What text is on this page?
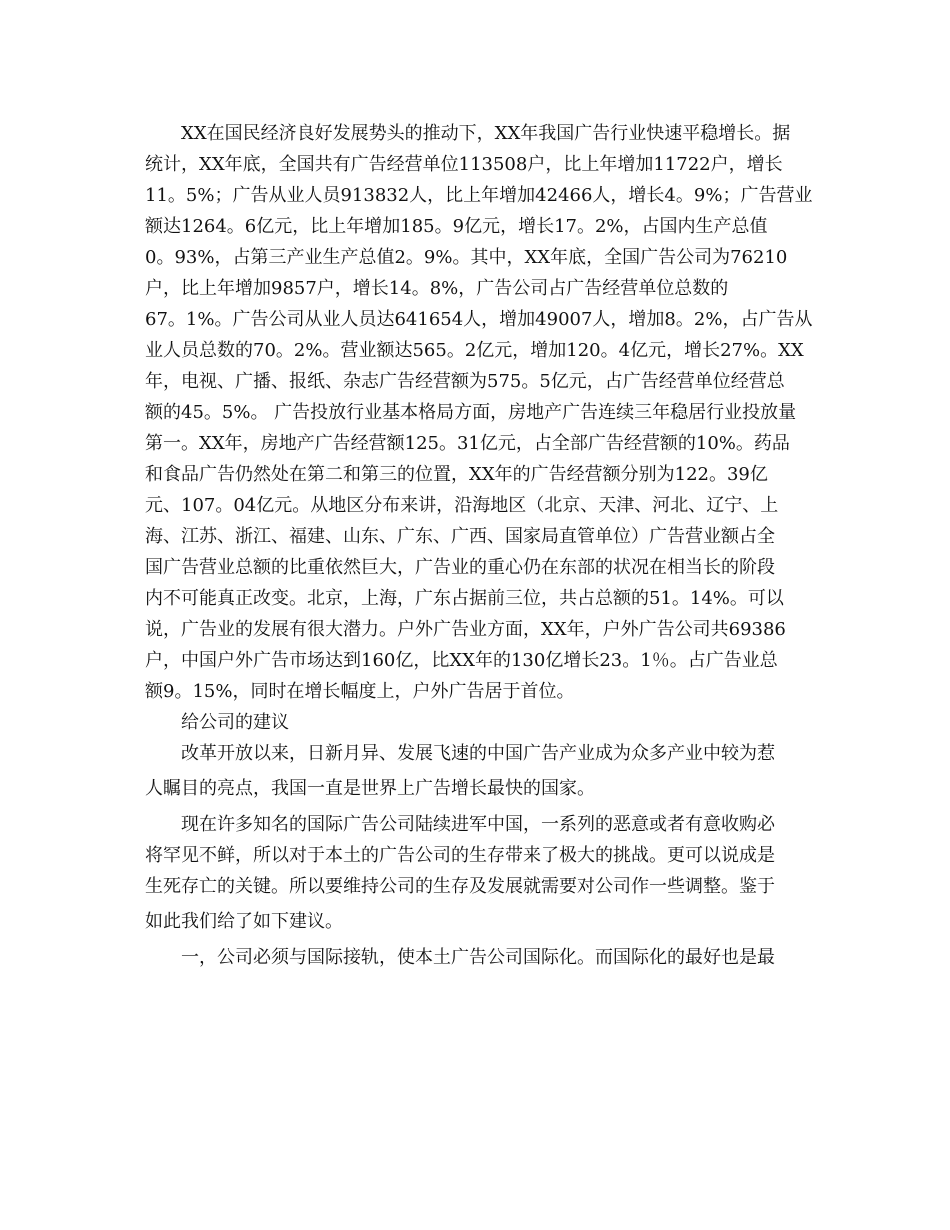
XX在国民经济良好发展势头的推动下，XX年我国广告行业快速平稳增长。据
统计，XX年底，全国共有广告经营单位113508户，比上年增加11722户，增长
11。5%；广告从业人员913832人，比上年增加42466人，增长4。9%；广告营业
额达1264。6亿元，比上年增加185。9亿元，增长17。2%，占国内生产总值
0。93%，占第三产业生产总值2。9%。其中，XX年底，全国广告公司为76210
户，比上年增加9857户，增长14。8%，广告公司占广告经营单位总数的
67。1%。广告公司从业人员达641654人，增加49007人，增加8。2%，占广告从
业人员总数的70。2%。营业额达565。2亿元，增加120。4亿元，增长27%。XX
年，电视、广播、报纸、杂志广告经营额为575。5亿元，占广告经营单位经营总
额的45。5%。 广告投放行业基本格局方面，房地产广告连续三年稳居行业投放量
第一。XX年，房地产广告经营额125。31亿元，占全部广告经营额的10%。药品
和食品广告仍然处在第二和第三的位置，XX年的广告经营额分别为122。39亿
元、107。04亿元。从地区分布来讲，沿海地区（北京、天津、河北、辽宁、上
海、江苏、浙江、福建、山东、广东、广西、国家局直管单位）广告营业额占全
国广告营业总额的比重依然巨大，广告业的重心仍在东部的状况在相当长的阶段
内不可能真正改变。北京，上海，广东占据前三位，共占总额的51。14%。可以
说，广告业的发展有很大潜力。户外广告业方面，XX年，户外广告公司共69386
户，中国户外广告市场达到160亿，比XX年的130亿增长23。1％。占广告业总
额9。15%，同时在增长幅度上，户外广告居于首位。
给公司的建议
改革开放以来，日新月异、发展飞速的中国广告产业成为众多产业中较为惹
人瞩目的亮点，我国一直是世界上广告增长最快的国家。
现在许多知名的国际广告公司陆续进军中国，一系列的恶意或者有意收购必
将罕见不鲜，所以对于本土的广告公司的生存带来了极大的挑战。更可以说成是
生死存亡的关键。所以要维持公司的生存及发展就需要对公司作一些调整。鉴于
如此我们给了如下建议。
一，公司必须与国际接轨，使本土广告公司国际化。而国际化的最好也是最
